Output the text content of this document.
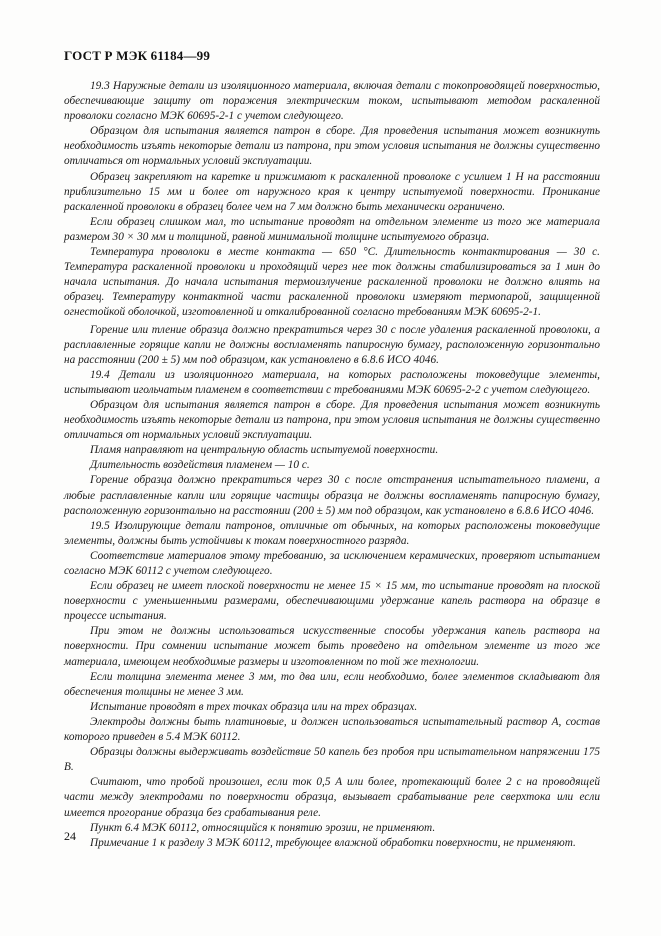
ГОСТ Р МЭК 61184—99

19.3 Наружные детали из изоляционного материала, включая детали с токопроводящей поверхностью, обеспечивающие защиту от поражения электрическим током, испытывают методом раскаленной проволоки согласно МЭК 60695-2-1 с учетом следующего.

Образцом для испытания является патрон в сборе. Для проведения испытания может возникнуть необходимость изъять некоторые детали из патрона, при этом условия испытания не должны существенно отличаться от нормальных условий эксплуатации.

Образец закрепляют на каретке и прижимают к раскаленной проволоке с усилием 1 Н на расстоянии приблизительно 15 мм и более от наружного края к центру испытуемой поверхности. Проникание раскаленной проволоки в образец более чем на 7 мм должно быть механически ограничено.

Если образец слишком мал, то испытание проводят на отдельном элементе из того же материала размером 30 × 30 мм и толщиной, равной минимальной толщине испытуемого образца.

Температура проволоки в месте контакта — 650 °С. Длительность контактирования — 30 с. Температура раскаленной проволоки и проходящий через нее ток должны стабилизироваться за 1 мин до начала испытания. До начала испытания термоизлучение раскаленной проволоки не должно влиять на образец. Температуру контактной части раскаленной проволоки измеряют термопарой, защищенной огнестойкой оболочкой, изготовленной и откалиброванной согласно требованиям МЭК 60695-2-1.

Горение или тление образца должно прекратиться через 30 с после удаления раскаленной проволоки, а расплавленные горящие капли не должны воспламенять папиросную бумагу, расположенную горизонтально на расстоянии (200 ± 5) мм под образцом, как установлено в 6.8.6 ИСО 4046.

19.4 Детали из изоляционного материала, на которых расположены токоведущие элементы, испытывают игольчатым пламенем в соответствии с требованиями МЭК 60695-2-2 с учетом следующего.

Образцом для испытания является патрон в сборе. Для проведения испытания может возникнуть необходимость изъять некоторые детали из патрона, при этом условия испытания не должны существенно отличаться от нормальных условий эксплуатации.

Пламя направляют на центральную область испытуемой поверхности.

Длительность воздействия пламенем — 10 с.

Горение образца должно прекратиться через 30 с после отстранения испытательного пламени, а любые расплавленные капли или горящие частицы образца не должны воспламенять папиросную бумагу, расположенную горизонтально на расстоянии (200 ± 5) мм под образцом, как установлено в 6.8.6 ИСО 4046.

19.5 Изолирующие детали патронов, отличные от обычных, на которых расположены токоведущие элементы, должны быть устойчивы к токам поверхностного разряда.

Соответствие материалов этому требованию, за исключением керамических, проверяют испытанием согласно МЭК 60112 с учетом следующего.

Если образец не имеет плоской поверхности не менее 15 × 15 мм, то испытание проводят на плоской поверхности с уменьшенными размерами, обеспечивающими удержание капель раствора на образце в процессе испытания.

При этом не должны использоваться искусственные способы удержания капель раствора на поверхности. При сомнении испытание может быть проведено на отдельном элементе из того же материала, имеющем необходимые размеры и изготовленном по той же технологии.

Если толщина элемента менее 3 мм, то два или, если необходимо, более элементов складывают для обеспечения толщины не менее 3 мм.

Испытание проводят в трех точках образца или на трех образцах.

Электроды должны быть платиновые, и должен использоваться испытательный раствор А, состав которого приведен в 5.4 МЭК 60112.

Образцы должны выдерживать воздействие 50 капель без пробоя при испытательном напряжении 175 В.

Считают, что пробой произошел, если ток 0,5 А или более, протекающий более 2 с на проводящей части между электродами по поверхности образца, вызывает срабатывание реле сверхтока или если имеется прогорание образца без срабатывания реле.

Пункт 6.4 МЭК 60112, относящийся к понятию эрозии, не применяют.

Примечание 1 к разделу 3 МЭК 60112, требующее влажной обработки поверхности, не применяют.

24
